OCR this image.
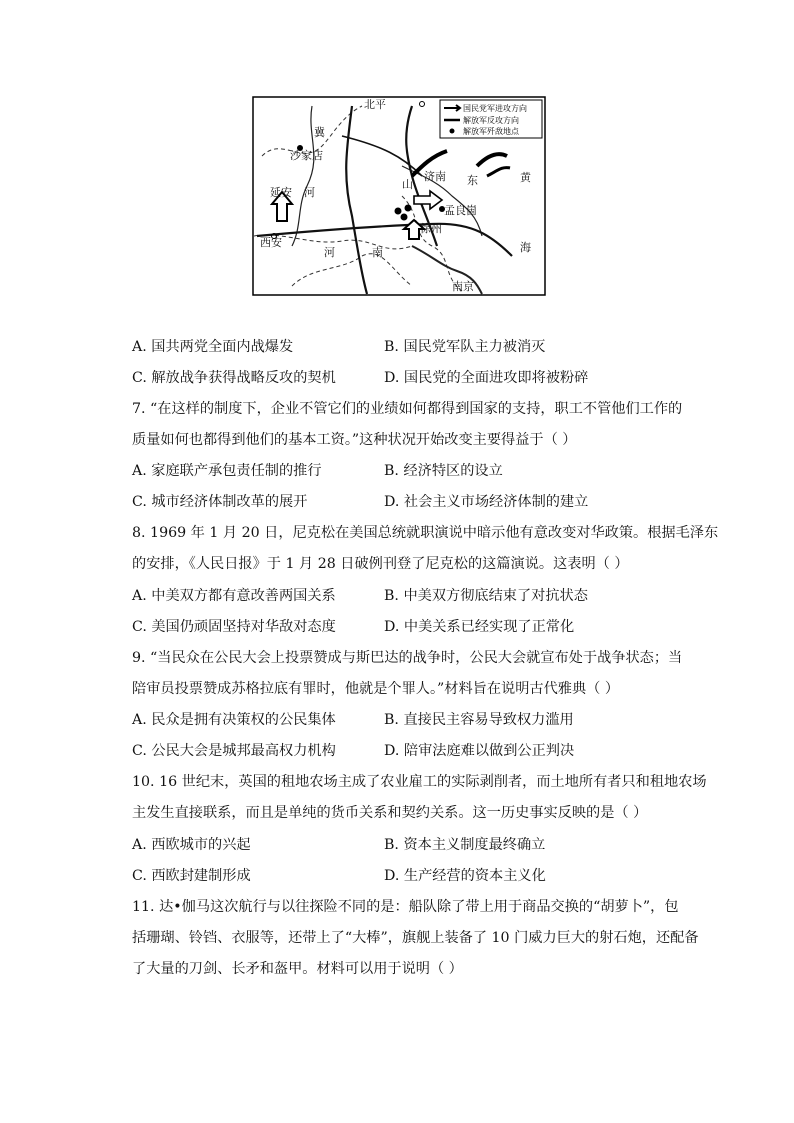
国民党军进攻方向
解放军反攻方向
解放军歼敌地点
北平
冀
沙家店
延安 河
西安
河	南
济南
山	东
孟良崮
徐州
南京
黄
海
A. 国共两党全面内战爆发	B. 国民党军队主力被消灭
C. 解放战争获得战略反攻的契机	D. 国民党的全面进攻即将被粉碎
7. “在这样的制度下，企业不管它们的业绩如何都得到国家的支持，职工不管他们工作的
质量如何也都得到他们的基本工资。”这种状况开始改变主要得益于（ ）
A. 家庭联产承包责任制的推行	B. 经济特区的设立
C. 城市经济体制改革的展开	D. 社会主义市场经济体制的建立
8. 1969 年 1 月 20 日，尼克松在美国总统就职演说中暗示他有意改变对华政策。根据毛泽东
的安排，《人民日报》于 1 月 28 日破例刊登了尼克松的这篇演说。这表明（ ）
A. 中美双方都有意改善两国关系	B. 中美双方彻底结束了对抗状态
C. 美国仍顽固坚持对华敌对态度	D. 中美关系已经实现了正常化
9. “当民众在公民大会上投票赞成与斯巴达的战争时，公民大会就宣布处于战争状态；当
陪审员投票赞成苏格拉底有罪时，他就是个罪人。”材料旨在说明古代雅典（ ）
A. 民众是拥有决策权的公民集体	B. 直接民主容易导致权力滥用
C. 公民大会是城邦最高权力机构	D. 陪审法庭难以做到公正判决
10. 16 世纪末，英国的租地农场主成了农业雇工的实际剥削者，而土地所有者只和租地农场
主发生直接联系，而且是单纯的货币关系和契约关系。这一历史事实反映的是（ ）
A. 西欧城市的兴起	B. 资本主义制度最终确立
C. 西欧封建制形成	D. 生产经营的资本主义化
11. 达•伽马这次航行与以往探险不同的是：船队除了带上用于商品交换的“胡萝卜”，包
括珊瑚、铃铛、衣服等，还带上了“大棒”，旗舰上装备了 10 门威力巨大的射石炮，还配备
了大量的刀剑、长矛和盔甲。材料可以用于说明（ ）
